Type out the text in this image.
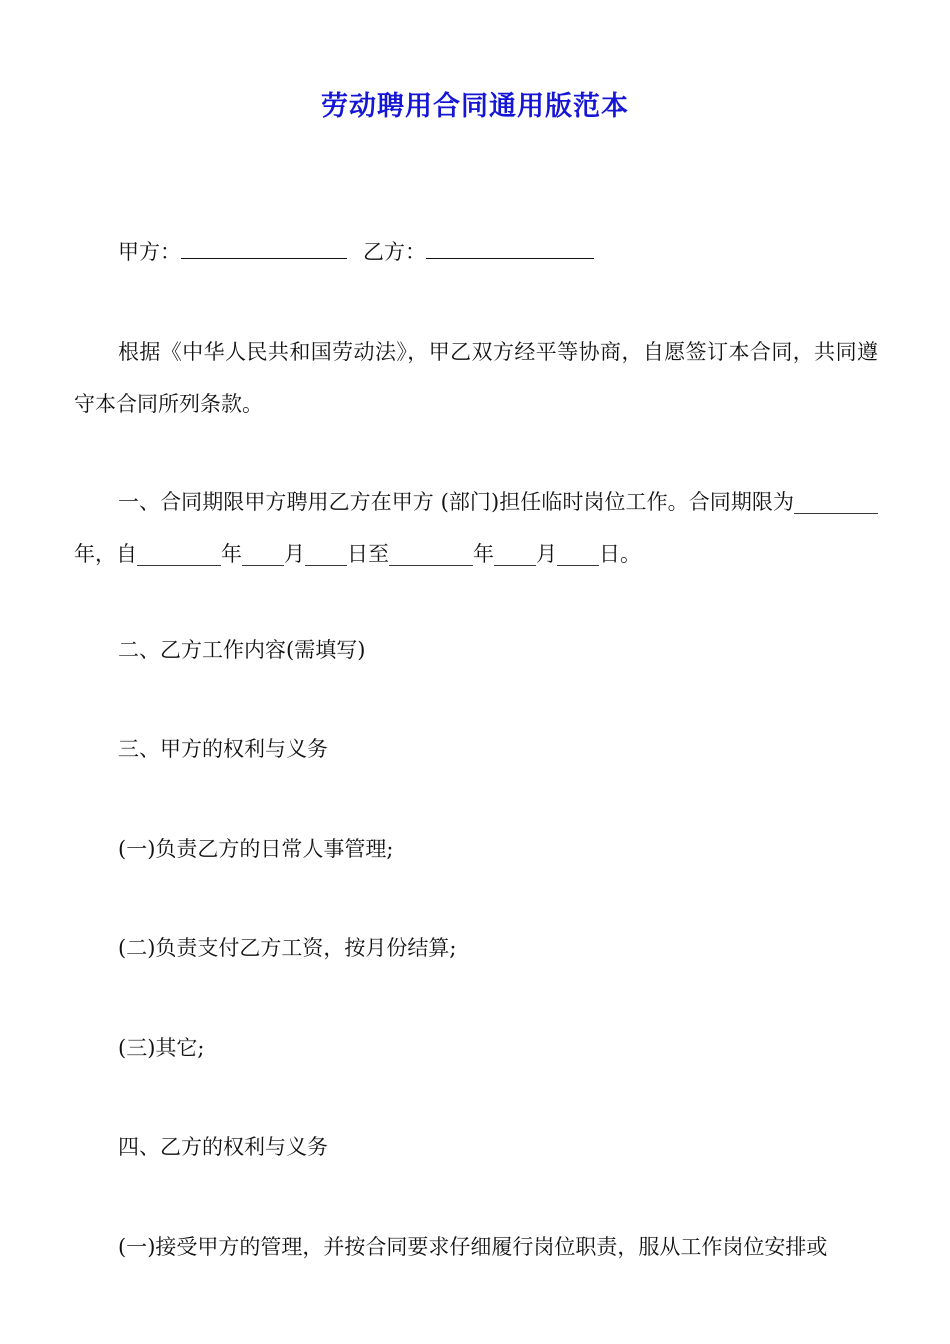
劳动聘用合同通用版范本
甲方：	乙方：
根据《中华人民共和国劳动法》，甲乙双方经平等协商，自愿签订本合同，共同遵守本合同所列条款。
一、合同期限甲方聘用乙方在甲方 (部门)担任临时岗位工作。合同期限为________年，自________年____月____日至________年____月____日。
二、乙方工作内容(需填写)
三、甲方的权利与义务
(一)负责乙方的日常人事管理;
(二)负责支付乙方工资，按月份结算;
(三)其它;
四、乙方的权利与义务
(一)接受甲方的管理，并按合同要求仔细履行岗位职责，服从工作岗位安排或
